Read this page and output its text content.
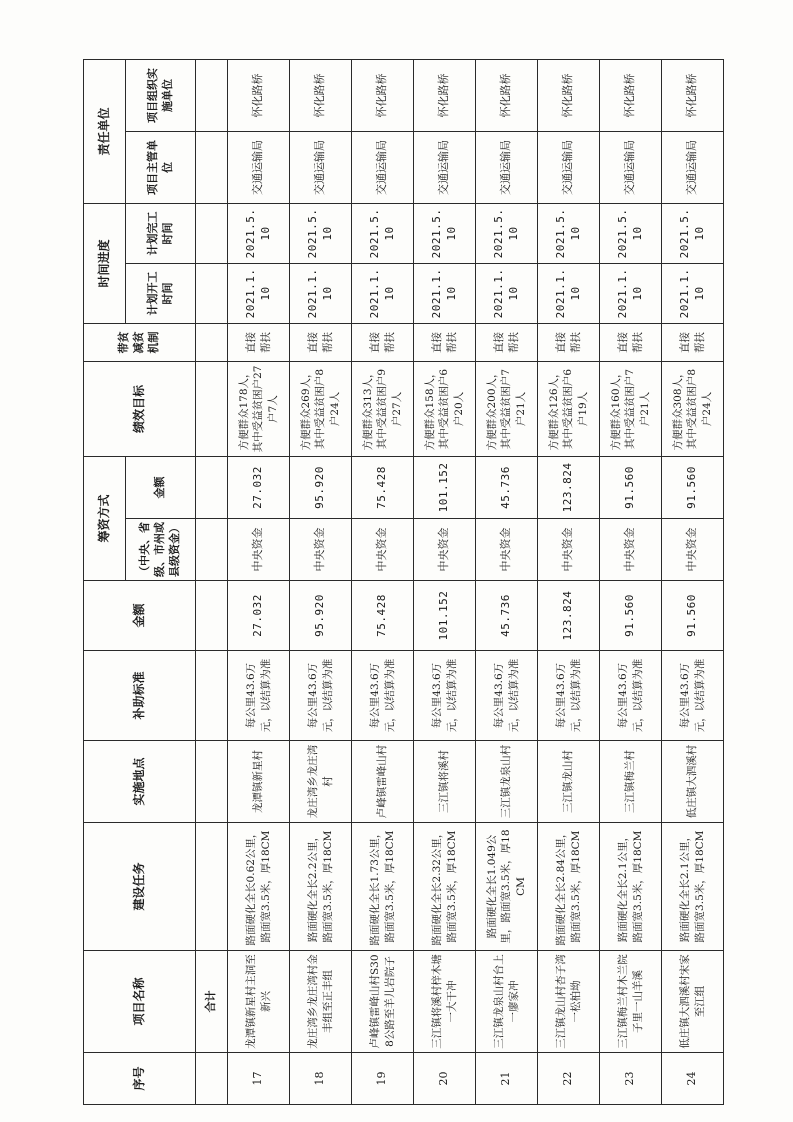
序号	项目名称	建设任务	实施地点	补助标准	金额	筹资方式		绩效目标	带贫减贫机制	时间进度		责任单位	
						（中央、省级、市州或县级资金）	金额			计划开工时间	计划完工时间	项目主管单位	项目组织实施单位
	合计												
17	龙潭镇新星村主洞至新兴	路面硬化全长0.62公里，路面宽3.5米，厚18CM	龙潭镇新星村	每公里43.6万元，以结算为准	27.032	中央资金	27.032	方便群众178人，其中受益贫困户27户7人	直接帮扶	2021.1.10	2021.5.10	交通运输局	怀化路桥
18	龙庄湾乡龙庄湾村金丰组至正丰组	路面硬化全长2.2公里，路面宽3.5米，厚18CM	龙庄湾乡龙庄湾村	每公里43.6万元，以结算为准	95.920	中央资金	95.920	方便群众269人，其中受益贫困户8户24人	直接帮扶	2021.1.10	2021.5.10	交通运输局	怀化路桥
19	卢峰镇雷峰山村S308公路至羊儿岩院子	路面硬化全长1.73公里，路面宽3.5米，厚18CM	卢峰镇雷峰山村	每公里43.6万元，以结算为准	75.428	中央资金	75.428	方便群众313人，其中受益贫困户9户27人	直接帮扶	2021.1.10	2021.5.10	交通运输局	怀化路桥
20	三江镇将溪村梓木塘一大干冲	路面硬化全长2.32公里，路面宽3.5米，厚18CM	三江镇将溪村	每公里43.6万元，以结算为准	101.152	中央资金	101.152	方便群众158人，其中受益贫困户6户20人	直接帮扶	2021.1.10	2021.5.10	交通运输局	怀化路桥
21	三江镇龙泉山村台上一廖家冲	路面硬化全长1.049公里，路面宽3.5米，厚18CM	三江镇龙泉山村	每公里43.6万元，以结算为准	45.736	中央资金	45.736	方便群众200人，其中受益贫困户7户21人	直接帮扶	2021.1.10	2021.5.10	交通运输局	怀化路桥
22	三江镇龙山村杏子湾一松柏坳	路面硬化全长2.84公里，路面宽3.5米，厚18CM	三江镇龙山村	每公里43.6万元，以结算为准	123.824	中央资金	123.824	方便群众126人，其中受益贫困户6户19人	直接帮扶	2021.1.10	2021.5.10	交通运输局	怀化路桥
23	三江镇梅兰村木兰院子里一山羊溪	路面硬化全长2.1公里，路面宽3.5米，厚18CM	三江镇梅兰村	每公里43.6万元，以结算为准	91.560	中央资金	91.560	方便群众160人，其中受益贫困户7户21人	直接帮扶	2021.1.10	2021.5.10	交通运输局	怀化路桥
24	低庄镇大泗溪村宋家至江组	路面硬化全长2.1公里，路面宽3.5米，厚18CM	低庄镇大泗溪村	每公里43.6万元，以结算为准	91.560	中央资金	91.560	方便群众308人，其中受益贫困户8户24人	直接帮扶	2021.1.10	2021.5.10	交通运输局	怀化路桥
